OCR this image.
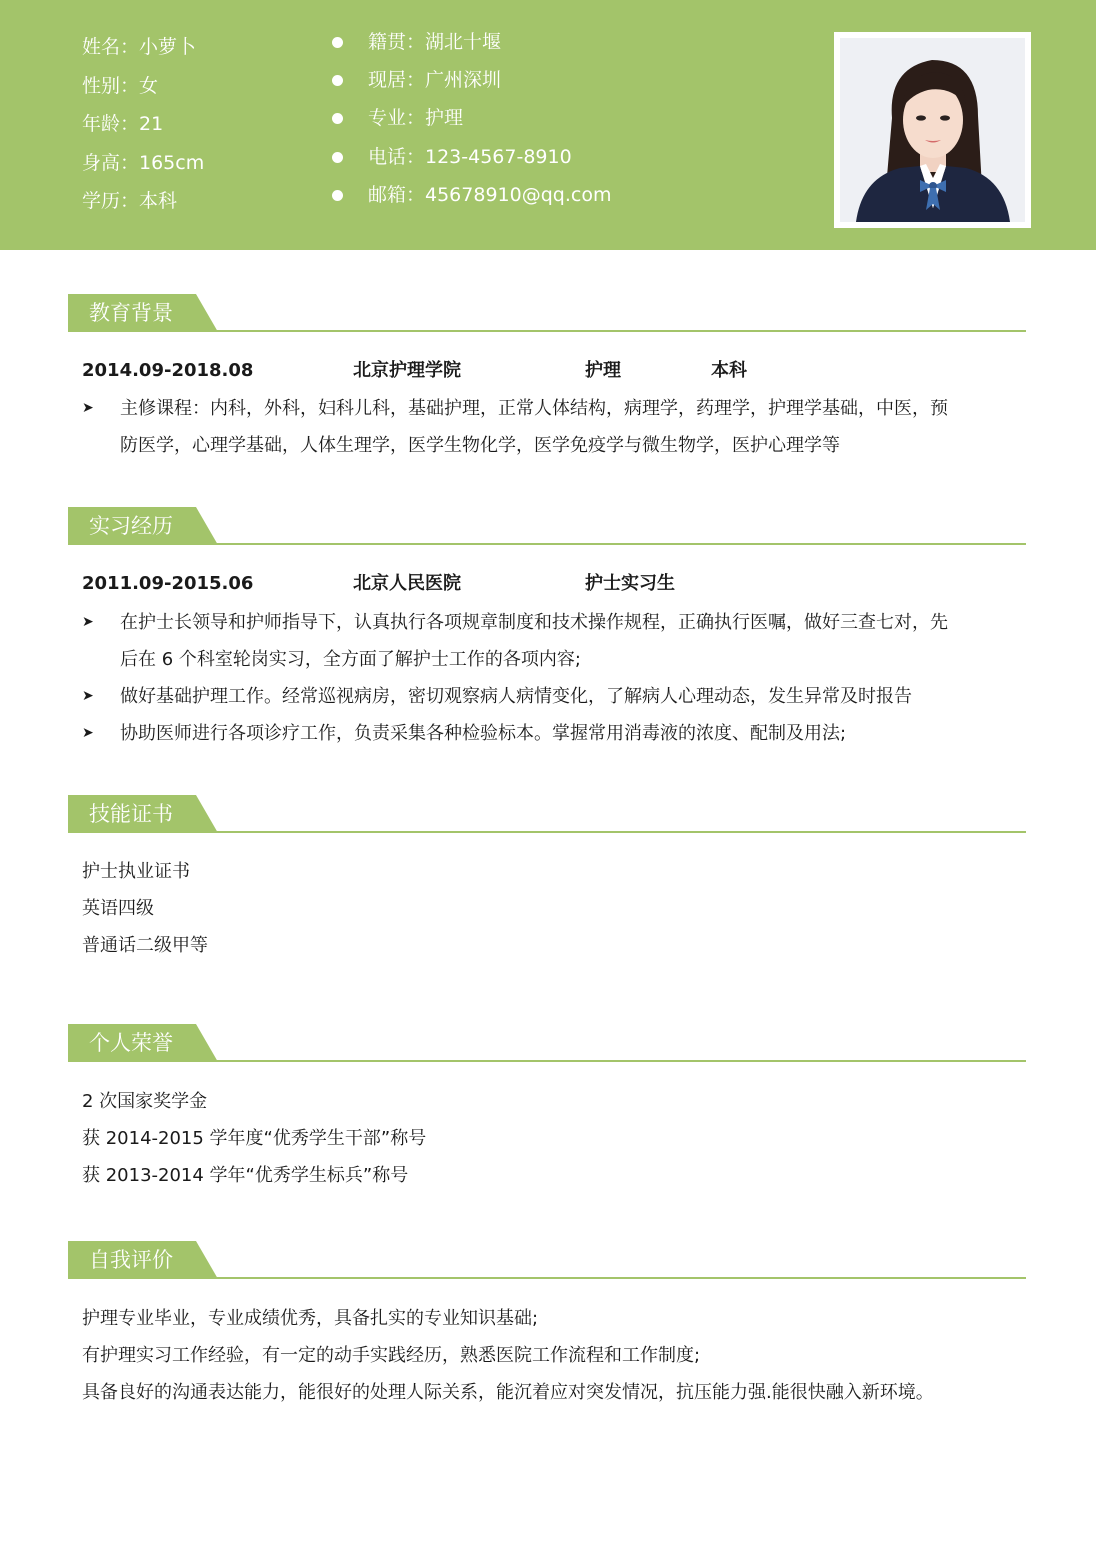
姓名：小萝卜
性别：女
年龄：21
身高：165cm
学历：本科
籍贯：湖北十堰
现居：广州深圳
专业：护理
电话：123-4567-8910
邮箱：45678910@qq.com
教育背景
2014.09-2018.08	北京护理学院	护理	本科
➤	主修课程：内科，外科，妇科儿科，基础护理，正常人体结构，病理学，药理学，护理学基础，中医，预
防医学，心理学基础，人体生理学，医学生物化学，医学免疫学与微生物学，医护心理学等
实习经历
2011.09-2015.06	北京人民医院	护士实习生
➤	在护士长领导和护师指导下，认真执行各项规章制度和技术操作规程，正确执行医嘱，做好三查七对，先
后在 6 个科室轮岗实习，全方面了解护士工作的各项内容;
➤	做好基础护理工作。经常巡视病房，密切观察病人病情变化，了解病人心理动态，发生异常及时报告
➤	协助医师进行各项诊疗工作，负责采集各种检验标本。掌握常用消毒液的浓度、配制及用法;
技能证书
护士执业证书
英语四级
普通话二级甲等
个人荣誉
2 次国家奖学金
获 2014-2015 学年度“优秀学生干部”称号
获 2013-2014 学年“优秀学生标兵”称号
自我评价
护理专业毕业，专业成绩优秀，具备扎实的专业知识基础;
有护理实习工作经验，有一定的动手实践经历，熟悉医院工作流程和工作制度;
具备良好的沟通表达能力，能很好的处理人际关系，能沉着应对突发情况，抗压能力强.能很快融入新环境。
